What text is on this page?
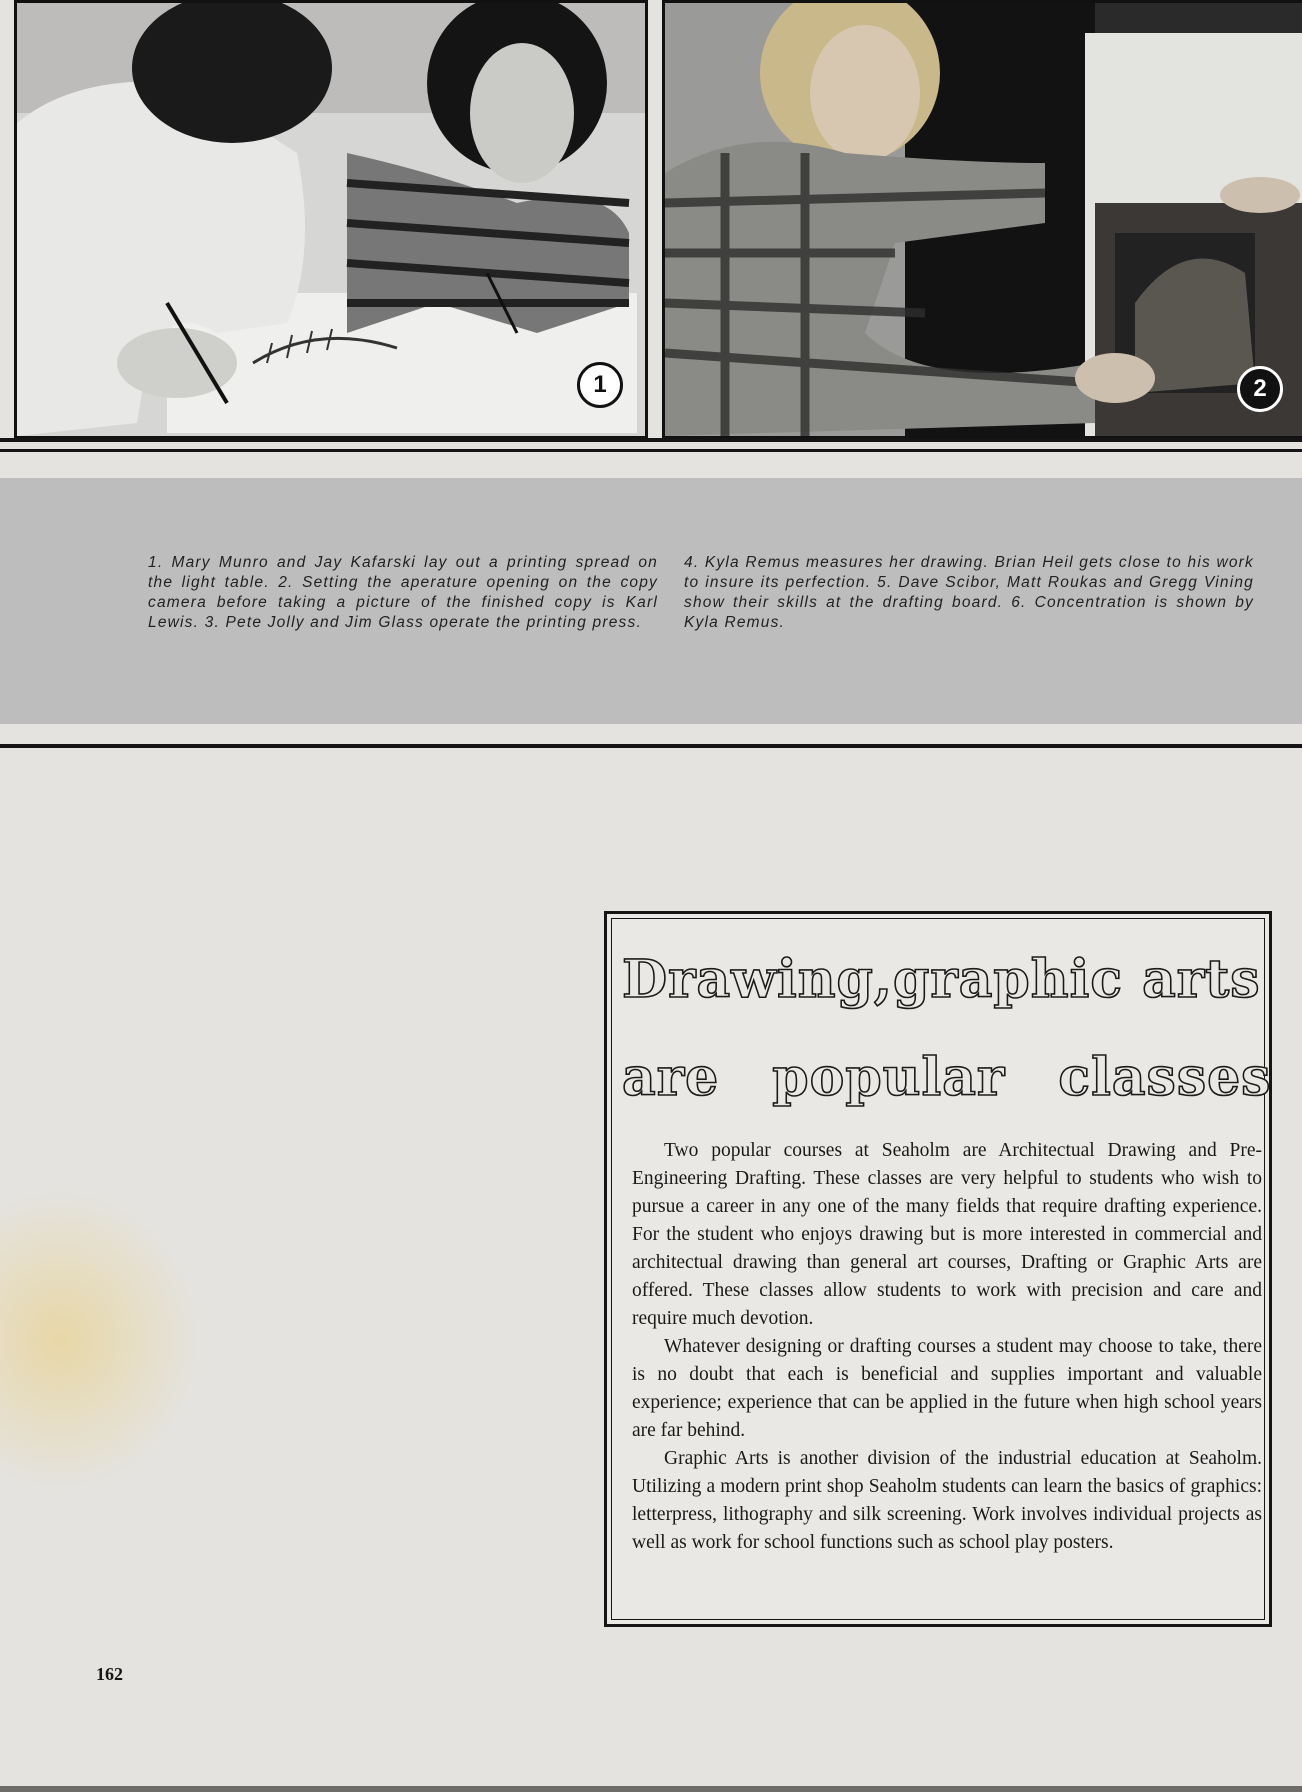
1	2
1. Mary Munro and Jay Kafarski lay out a printing spread on the light table. 2. Setting the aperature opening on the copy camera before taking a picture of the finished copy is Karl Lewis. 3. Pete Jolly and Jim Glass operate the printing press.
4. Kyla Remus measures her drawing. Brian Heil gets close to his work to insure its perfection. 5. Dave Scibor, Matt Roukas and Gregg Vining show their skills at the drafting board. 6. Concentration is shown by Kyla Remus.
Drawing,graphic arts
are popular classes

Two popular courses at Seaholm are Architectual Drawing and Pre-Engineering Drafting. These classes are very helpful to students who wish to pursue a career in any one of the many fields that require drafting experience. For the student who enjoys drawing but is more interested in commercial and architectual drawing than general art courses, Drafting or Graphic Arts are offered. These classes allow students to work with precision and care and require much devotion.

Whatever designing or drafting courses a student may choose to take, there is no doubt that each is beneficial and supplies important and valuable experience; experience that can be applied in the future when high school years are far behind.

Graphic Arts is another division of the industrial education at Seaholm. Utilizing a modern print shop Seaholm students can learn the basics of graphics: letterpress, lithography and silk screening. Work involves individual projects as well as work for school functions such as school play posters.

162
